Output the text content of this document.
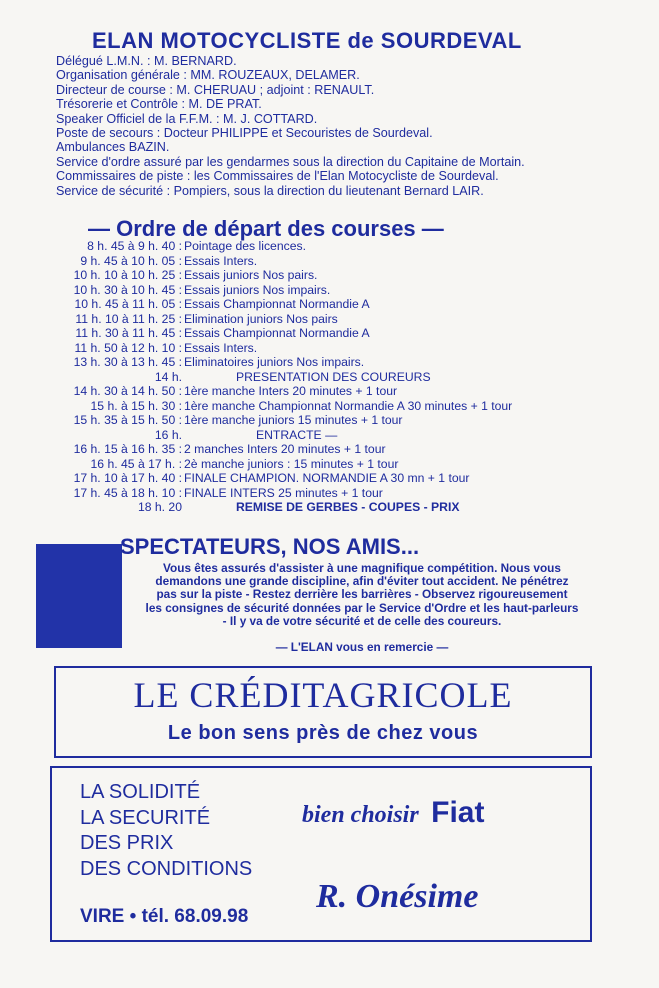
ELAN MOTOCYCLISTE de SOURDEVAL
Délégué L.M.N. : M. BERNARD.
Organisation générale : MM. ROUZEAUX, DELAMER.
Directeur de course : M. CHERUAU ; adjoint : RENAULT.
Trésorerie et Contrôle : M. DE PRAT.
Speaker Officiel de la F.F.M. : M. J. COTTARD.
Poste de secours : Docteur PHILIPPE et Secouristes de Sourdeval.
Ambulances BAZIN.
Service d'ordre assuré par les gendarmes sous la direction du Capitaine de Mortain.
Commissaires de piste : les Commissaires de l'Elan Motocycliste de Sourdeval.
Service de sécurité : Pompiers, sous la direction du lieutenant Bernard LAIR.
— Ordre de départ des courses —
8 h. 45 à 9 h. 40 : Pointage des licences.
9 h. 45 à 10 h. 05 : Essais Inters.
10 h. 10 à 10 h. 25 : Essais juniors Nos pairs.
10 h. 30 à 10 h. 45 : Essais juniors Nos impairs.
10 h. 45 à 11 h. 05 : Essais Championnat Normandie A
11 h. 10 à 11 h. 25 : Elimination juniors Nos pairs
11 h. 30 à 11 h. 45 : Essais Championnat Normandie A
11 h. 50 à 12 h. 10 : Essais Inters.
13 h. 30 à 13 h. 45 : Eliminatoires juniors Nos impairs.
14 h.	PRESENTATION DES COUREURS
14 h. 30 à 14 h. 50 : 1ère manche Inters 20 minutes + 1 tour
15 h. à 15 h. 30 : 1ère manche Championnat Normandie A 30 minutes + 1 tour
15 h. 35 à 15 h. 50 : 1ère manche juniors 15 minutes + 1 tour
16 h.	ENTRACTE —
16 h. 15 à 16 h. 35 : 2 manches Inters 20 minutes + 1 tour
16 h. 45 à 17 h. : 2è manche juniors : 15 minutes + 1 tour
17 h. 10 à 17 h. 40 : FINALE CHAMPION. NORMANDIE A 30 mn + 1 tour
17 h. 45 à 18 h. 10 : FINALE INTERS 25 minutes + 1 tour
18 h. 20	REMISE DE GERBES - COUPES - PRIX
SPECTATEURS, NOS AMIS...
Vous êtes assurés d'assister à une magnifique compétition. Nous vous
demandons une grande discipline, afin d'éviter tout accident. Ne pénétrez
pas sur la piste - Restez derrière les barrières - Observez rigoureusement
les consignes de sécurité données par le Service d'Ordre et les haut-parleurs
- Il y va de votre sécurité et de celle des coureurs.
— L'ELAN vous en remercie —
LE CRÉDITAGRICOLE
Le bon sens près de chez vous
LA SOLIDITÉ
LA SECURITÉ
DES PRIX
DES CONDITIONS
VIRE • tél. 68.09.98
bien choisir Fiat
R. Onésime
